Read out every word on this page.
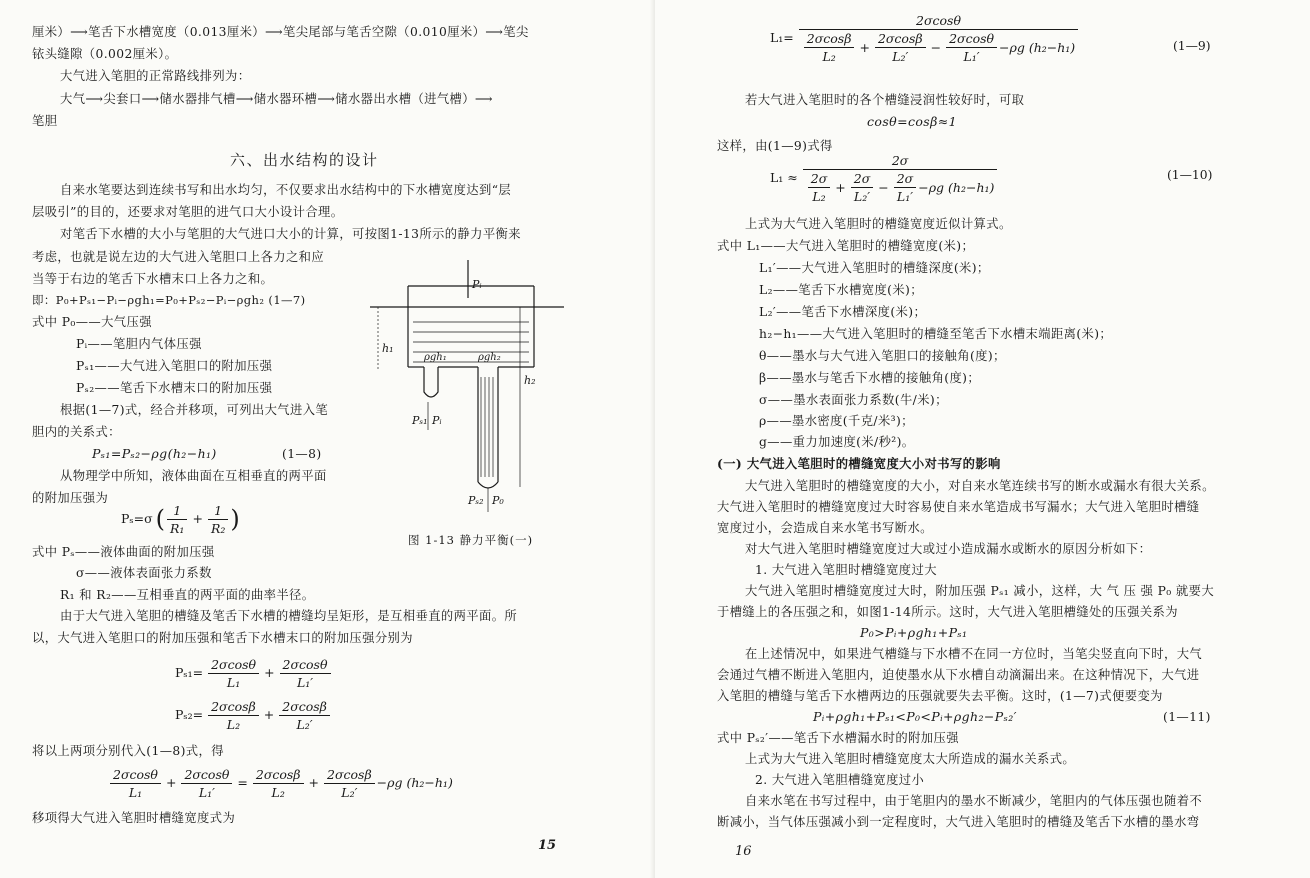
厘米）⟶笔舌下水槽宽度（0.013厘米）⟶笔尖尾部与笔舌空隙（0.010厘米）⟶笔尖
铱头缝隙（0.002厘米）。
大气进入笔胆的正常路线排列为：
大气⟶尖套口⟶储水器排气槽⟶储水器环槽⟶储水器出水槽（进气槽）⟶
笔胆
六、出水结构的设计
自来水笔要达到连续书写和出水均匀，不仅要求出水结构中的下水槽宽度达到“层
层吸引”的目的，还要求对笔胆的进气口大小设计合理。
对笔舌下水槽的大小与笔胆的大气进口大小的计算，可按图1-13所示的静力平衡来
考虑，也就是说左边的大气进入笔胆口上各力之和应
当等于右边的笔舌下水槽末口上各力之和。
即：P₀+Pₛ₁−Pᵢ−ρgh₁=P₀+Pₛ₂−Pᵢ−ρgh₂ (1—7)
式中 P₀——大气压强
Pᵢ——笔胆内气体压强
Pₛ₁——大气进入笔胆口的附加压强
Pₛ₂——笔舌下水槽末口的附加压强
根据(1—7)式，经合并移项，可列出大气进入笔
胆内的关系式：
Pₛ₁=Pₛ₂−ρg(h₂−h₁)	(1—8)
从物理学中所知，液体曲面在互相垂直的两平面
的附加压强为
Pₛ=σ ( $\frac{1}{\text{R₁}} + \frac{1}{\text{R₂}}$ )
式中 Pₛ——液体曲面的附加压强
σ——液体表面张力系数
R₁ 和 R₂——互相垂直的两平面的曲率半径。
由于大气进入笔胆的槽缝及笔舌下水槽的槽缝均呈矩形，是互相垂直的两平面。所
以，大气进入笔胆口的附加压强和笔舌下水槽末口的附加压强分别为
$P_{s1}= \frac{2\sigma\cos\theta}{\text{L₁}} + \frac{2\sigma\cos\theta}{\text{L₁′}}$
$P_{s2}= \frac{2\sigma\cos\beta}{\text{L₂}} + \frac{2\sigma\cos\beta}{\text{L₂′}}$
将以上两项分别代入(1—8)式，得
$\frac{2\sigma\cos\theta}{\text{L₁}} + \frac{2\sigma\cos\theta}{\text{L₁′}} = \frac{2\sigma\cos\beta}{\text{L₂}} + \frac{2\sigma\cos\beta}{\text{L₂′}} -\rho g$ (h₂−h₁)
移项得大气进入笔胆时槽缝宽度式为
15
Pᵢ
h₁
h₂
ρgh₁	ρgh₂
Pₛ₁ Pᵢ
Pₛ₂ P₀
图 1-13 静力平衡(一)
$L_1= \frac{2\sigma\cos\theta}{\frac{2\sigma\cos\beta}{\text{L₂}} + \frac{2\sigma\cos\beta}{\text{L₂′}} - \frac{2\sigma\cos\theta}{\text{L₁′}} -\rho g (h_2-h_1)}$	(1—9)
若大气进入笔胆时的各个槽缝浸润性较好时，可取
cosθ=cosβ≈1
这样，由(1—9)式得
$L_1 \approx \frac{2\sigma}{\frac{2\sigma}{\text{L₂}} + \frac{2\sigma}{\text{L₂′}} - \frac{2\sigma}{\text{L₁′}} -\rho g (h_2-h_1)}$	(1—10)
上式为大气进入笔胆时的槽缝宽度近似计算式。
式中 L₁——大气进入笔胆时的槽缝宽度(米)；
L₁′——大气进入笔胆时的槽缝深度(米)；
L₂——笔舌下水槽宽度(米)；
L₂′——笔舌下水槽深度(米)；
h₂−h₁——大气进入笔胆时的槽缝至笔舌下水槽末端距离(米)；
θ——墨水与大气进入笔胆口的接触角(度)；
β——墨水与笔舌下水槽的接触角(度)；
σ——墨水表面张力系数(牛/米)；
ρ——墨水密度(千克/米³)；
g——重力加速度(米/秒²)。
(一) 大气进入笔胆时的槽缝宽度大小对书写的影响
大气进入笔胆时的槽缝宽度的大小，对自来水笔连续书写的断水或漏水有很大关系。
大气进入笔胆时的槽缝宽度过大时容易使自来水笔造成书写漏水；大气进入笔胆时槽缝
宽度过小，会造成自来水笔书写断水。
对大气进入笔胆时槽缝宽度过大或过小造成漏水或断水的原因分析如下：
1. 大气进入笔胆时槽缝宽度过大
大气进入笔胆时槽缝宽度过大时，附加压强 Pₛ₁ 减小，这样，大 气 压 强 P₀ 就要大
于槽缝上的各压强之和，如图1-14所示。这时，大气进入笔胆槽缝处的压强关系为
P₀>Pᵢ+ρgh₁+Pₛ₁
在上述情况中，如果进气槽缝与下水槽不在同一方位时，当笔尖竖直向下时，大气
会通过气槽不断进入笔胆内，迫使墨水从下水槽自动滴漏出来。在这种情况下，大气进
入笔胆的槽缝与笔舌下水槽两边的压强就要失去平衡。这时，(1—7)式便要变为
Pᵢ+ρgh₁+Pₛ₁<P₀<Pᵢ+ρgh₂−Pₛ₂′	(1—11)
式中 Pₛ₂′——笔舌下水槽漏水时的附加压强
上式为大气进入笔胆时槽缝宽度太大所造成的漏水关系式。
2. 大气进入笔胆槽缝宽度过小
自来水笔在书写过程中，由于笔胆内的墨水不断减少，笔胆内的气体压强也随着不
断减小，当气体压强减小到一定程度时，大气进入笔胆时的槽缝及笔舌下水槽的墨水弯
16
